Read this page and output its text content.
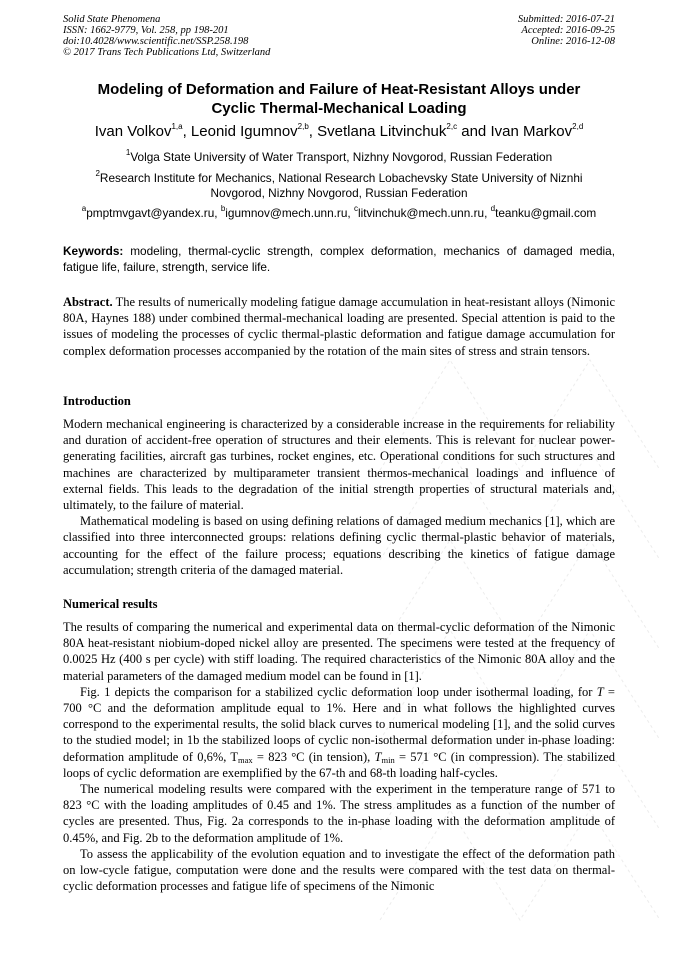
Solid State Phenomena
ISSN: 1662-9779, Vol. 258, pp 198-201
doi:10.4028/www.scientific.net/SSP.258.198
© 2017 Trans Tech Publications Ltd, Switzerland
Submitted: 2016-07-21
Accepted: 2016-09-25
Online: 2016-12-08
Modeling of Deformation and Failure of Heat-Resistant Alloys under
Cyclic Thermal-Mechanical Loading
Ivan Volkov$^{1,a}$, Leonid Igumnov$^{2,b}$, Svetlana Litvinchuk$^{2,c}$ and Ivan Markov$^{2,d}$
$^1$Volga State University of Water Transport, Nizhny Novgorod, Russian Federation
$^2$Research Institute for Mechanics, National Research Lobachevsky State University of Niznhi
Novgorod, Nizhny Novgorod, Russian Federation
$^a$pmptmvgavt@yandex.ru, $^b$igumnov@mech.unn.ru, $^c$litvinchuk@mech.unn.ru, $^d$teanku@gmail.com
Keywords: modeling, thermal-cyclic strength, complex deformation, mechanics of damaged media, fatigue life, failure, strength, service life.
Abstract. The results of numerically modeling fatigue damage accumulation in heat-resistant alloys (Nimonic 80A, Haynes 188) under combined thermal-mechanical loading are presented. Special attention is paid to the issues of modeling the processes of cyclic thermal-plastic deformation and fatigue damage accumulation for complex deformation processes accompanied by the rotation of the main sites of stress and strain tensors.
Introduction

Modern mechanical engineering is characterized by a considerable increase in the requirements for reliability and duration of accident-free operation of structures and their elements. This is relevant for nuclear power-generating facilities, aircraft gas turbines, rocket engines, etc. Operational conditions for such structures and machines are characterized by multiparameter transient thermos-mechanical loadings and influence of external fields. This leads to the degradation of the initial strength properties of structural materials and, ultimately, to the failure of material.

Mathematical modeling is based on using defining relations of damaged medium mechanics [1], which are classified into three interconnected groups: relations defining cyclic thermal-plastic behavior of materials, accounting for the effect of the failure process; equations describing the kinetics of fatigue damage accumulation; strength criteria of the damaged material.

Numerical results

The results of comparing the numerical and experimental data on thermal-cyclic deformation of the Nimonic 80A heat-resistant niobium-doped nickel alloy are presented. The specimens were tested at the frequency of 0.0025 Hz (400 s per cycle) with stiff loading. The required characteristics of the Nimonic 80A alloy and the material parameters of the damaged medium model can be found in [1].

Fig. 1 depicts the comparison for a stabilized cyclic deformation loop under isothermal loading, for T = 700 °C and the deformation amplitude equal to 1%. Here and in what follows the highlighted curves correspond to the experimental results, the solid black curves to numerical modeling [1], and the solid curves to the studied model; in 1b the stabilized loops of cyclic non-isothermal deformation under in-phase loading: deformation amplitude of 0,6%, $T_{max} = 823$ °C (in tension), $T_{min} = 571$ °C (in compression). The stabilized loops of cyclic deformation are exemplified by the 67-th and 68-th loading half-cycles.

The numerical modeling results were compared with the experiment in the temperature range of 571 to 823 °C with the loading amplitudes of 0.45 and 1%. The stress amplitudes as a function of the number of cycles are presented. Thus, Fig. 2a corresponds to the in-phase loading with the deformation amplitude of 0.45%, and Fig. 2b to the deformation amplitude of 1%.

To assess the applicability of the evolution equation and to investigate the effect of the deformation path on low-cycle fatigue, computation were done and the results were compared with the test data on thermal-cyclic deformation processes and fatigue life of specimens of the Nimonic
